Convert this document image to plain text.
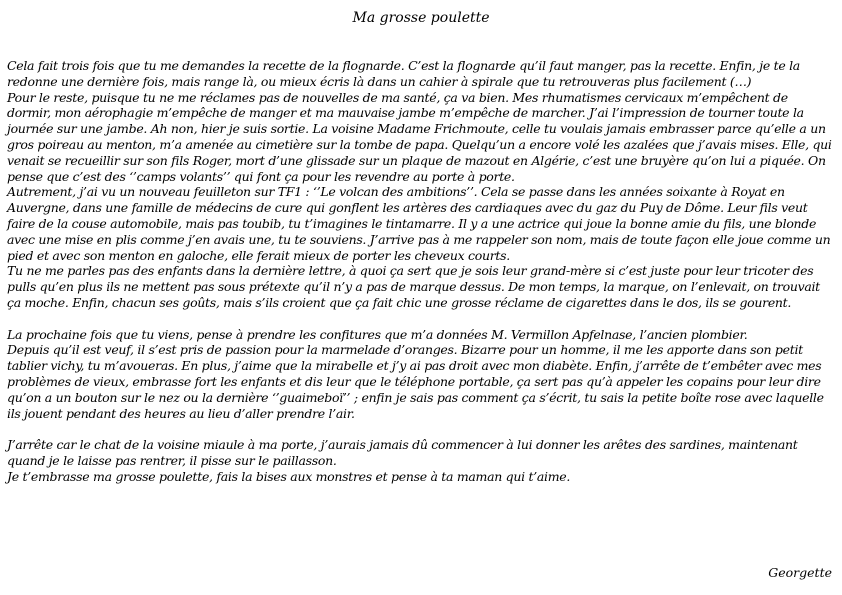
Ma grosse poulette

Cela fait trois fois que tu me demandes la recette de la flognarde. C’est la flognarde qu’il faut manger, pas la recette. Enfin, je te la redonne une dernière fois, mais range là, ou mieux écris là dans un cahier à spirale que tu retrouveras plus facilement (…)

Pour le reste, puisque tu ne me réclames pas de nouvelles de ma santé, ça va bien. Mes rhumatismes cervicaux m’empêchent de dormir, mon aérophagie m’empêche de manger et ma mauvaise jambe m’empêche de marcher. J’ai l’impression de tourner toute la journée sur une jambe. Ah non, hier je suis sortie. La voisine Madame Frichmoute, celle tu voulais jamais embrasser parce qu’elle a un gros poireau au menton, m’a amenée au cimetière sur la tombe de papa. Quelqu’un a encore volé les azalées que j’avais mises. Elle, qui venait se recueillir sur son fils Roger, mort d’une glissade sur un plaque de mazout en Algérie, c’est une bruyère qu’on lui a piquée. On pense que c’est des ‘’camps volants’’ qui font ça pour les revendre au porte à porte.

Autrement, j’ai vu un nouveau feuilleton sur TF1 : ‘’Le volcan des ambitions’’. Cela se passe dans les années soixante à Royat en Auvergne, dans une famille de médecins de cure qui gonflent les artères des cardiaques avec du gaz du Puy de Dôme. Leur fils veut faire de la couse automobile, mais pas toubib, tu t’imagines le tintamarre. Il y a une actrice qui joue la bonne amie du fils, une blonde avec une mise en plis comme j’en avais une, tu te souviens. J’arrive pas à me rappeler son nom, mais de toute façon elle joue comme un pied et avec son menton en galoche, elle ferait mieux de porter les cheveux courts.

Tu ne me parles pas des enfants dans la dernière lettre, à quoi ça sert que je sois leur grand-mère si c’est juste pour leur tricoter des pulls qu’en plus ils ne mettent pas sous prétexte qu’il n’y a pas de marque dessus. De mon temps, la marque, on l’enlevait, on trouvait ça moche. Enfin, chacun ses goûts, mais s’ils croient que ça fait chic une grosse réclame de cigarettes dans le dos, ils se gourent.

La prochaine fois que tu viens, pense à prendre les confitures que m’a données M. Vermillon Apfelnase, l’ancien plombier.

Depuis qu’il est veuf, il s’est pris de passion pour la marmelade d’oranges. Bizarre pour un homme, il me les apporte dans son petit tablier vichy, tu m’avoueras. En plus, j’aime que la mirabelle et j’y ai pas droit avec mon diabète. Enfin, j’arrête de t’embêter avec mes problèmes de vieux, embrasse fort les enfants et dis leur que le téléphone portable, ça sert pas qu’à appeler les copains pour leur dire qu’on a un bouton sur le nez ou la dernière ‘’guaimeboï’’ ; enfin je sais pas comment ça s’écrit, tu sais la petite boîte rose avec laquelle ils jouent pendant des heures au lieu d’aller prendre l’air.

J’arrête car le chat de la voisine miaule à ma porte, j’aurais jamais dû commencer à lui donner les arêtes des sardines, maintenant quand je le laisse pas rentrer, il pisse sur le paillasson.

Je t’embrasse ma grosse poulette, fais la bises aux monstres et pense à ta maman qui t’aime.

Georgette
